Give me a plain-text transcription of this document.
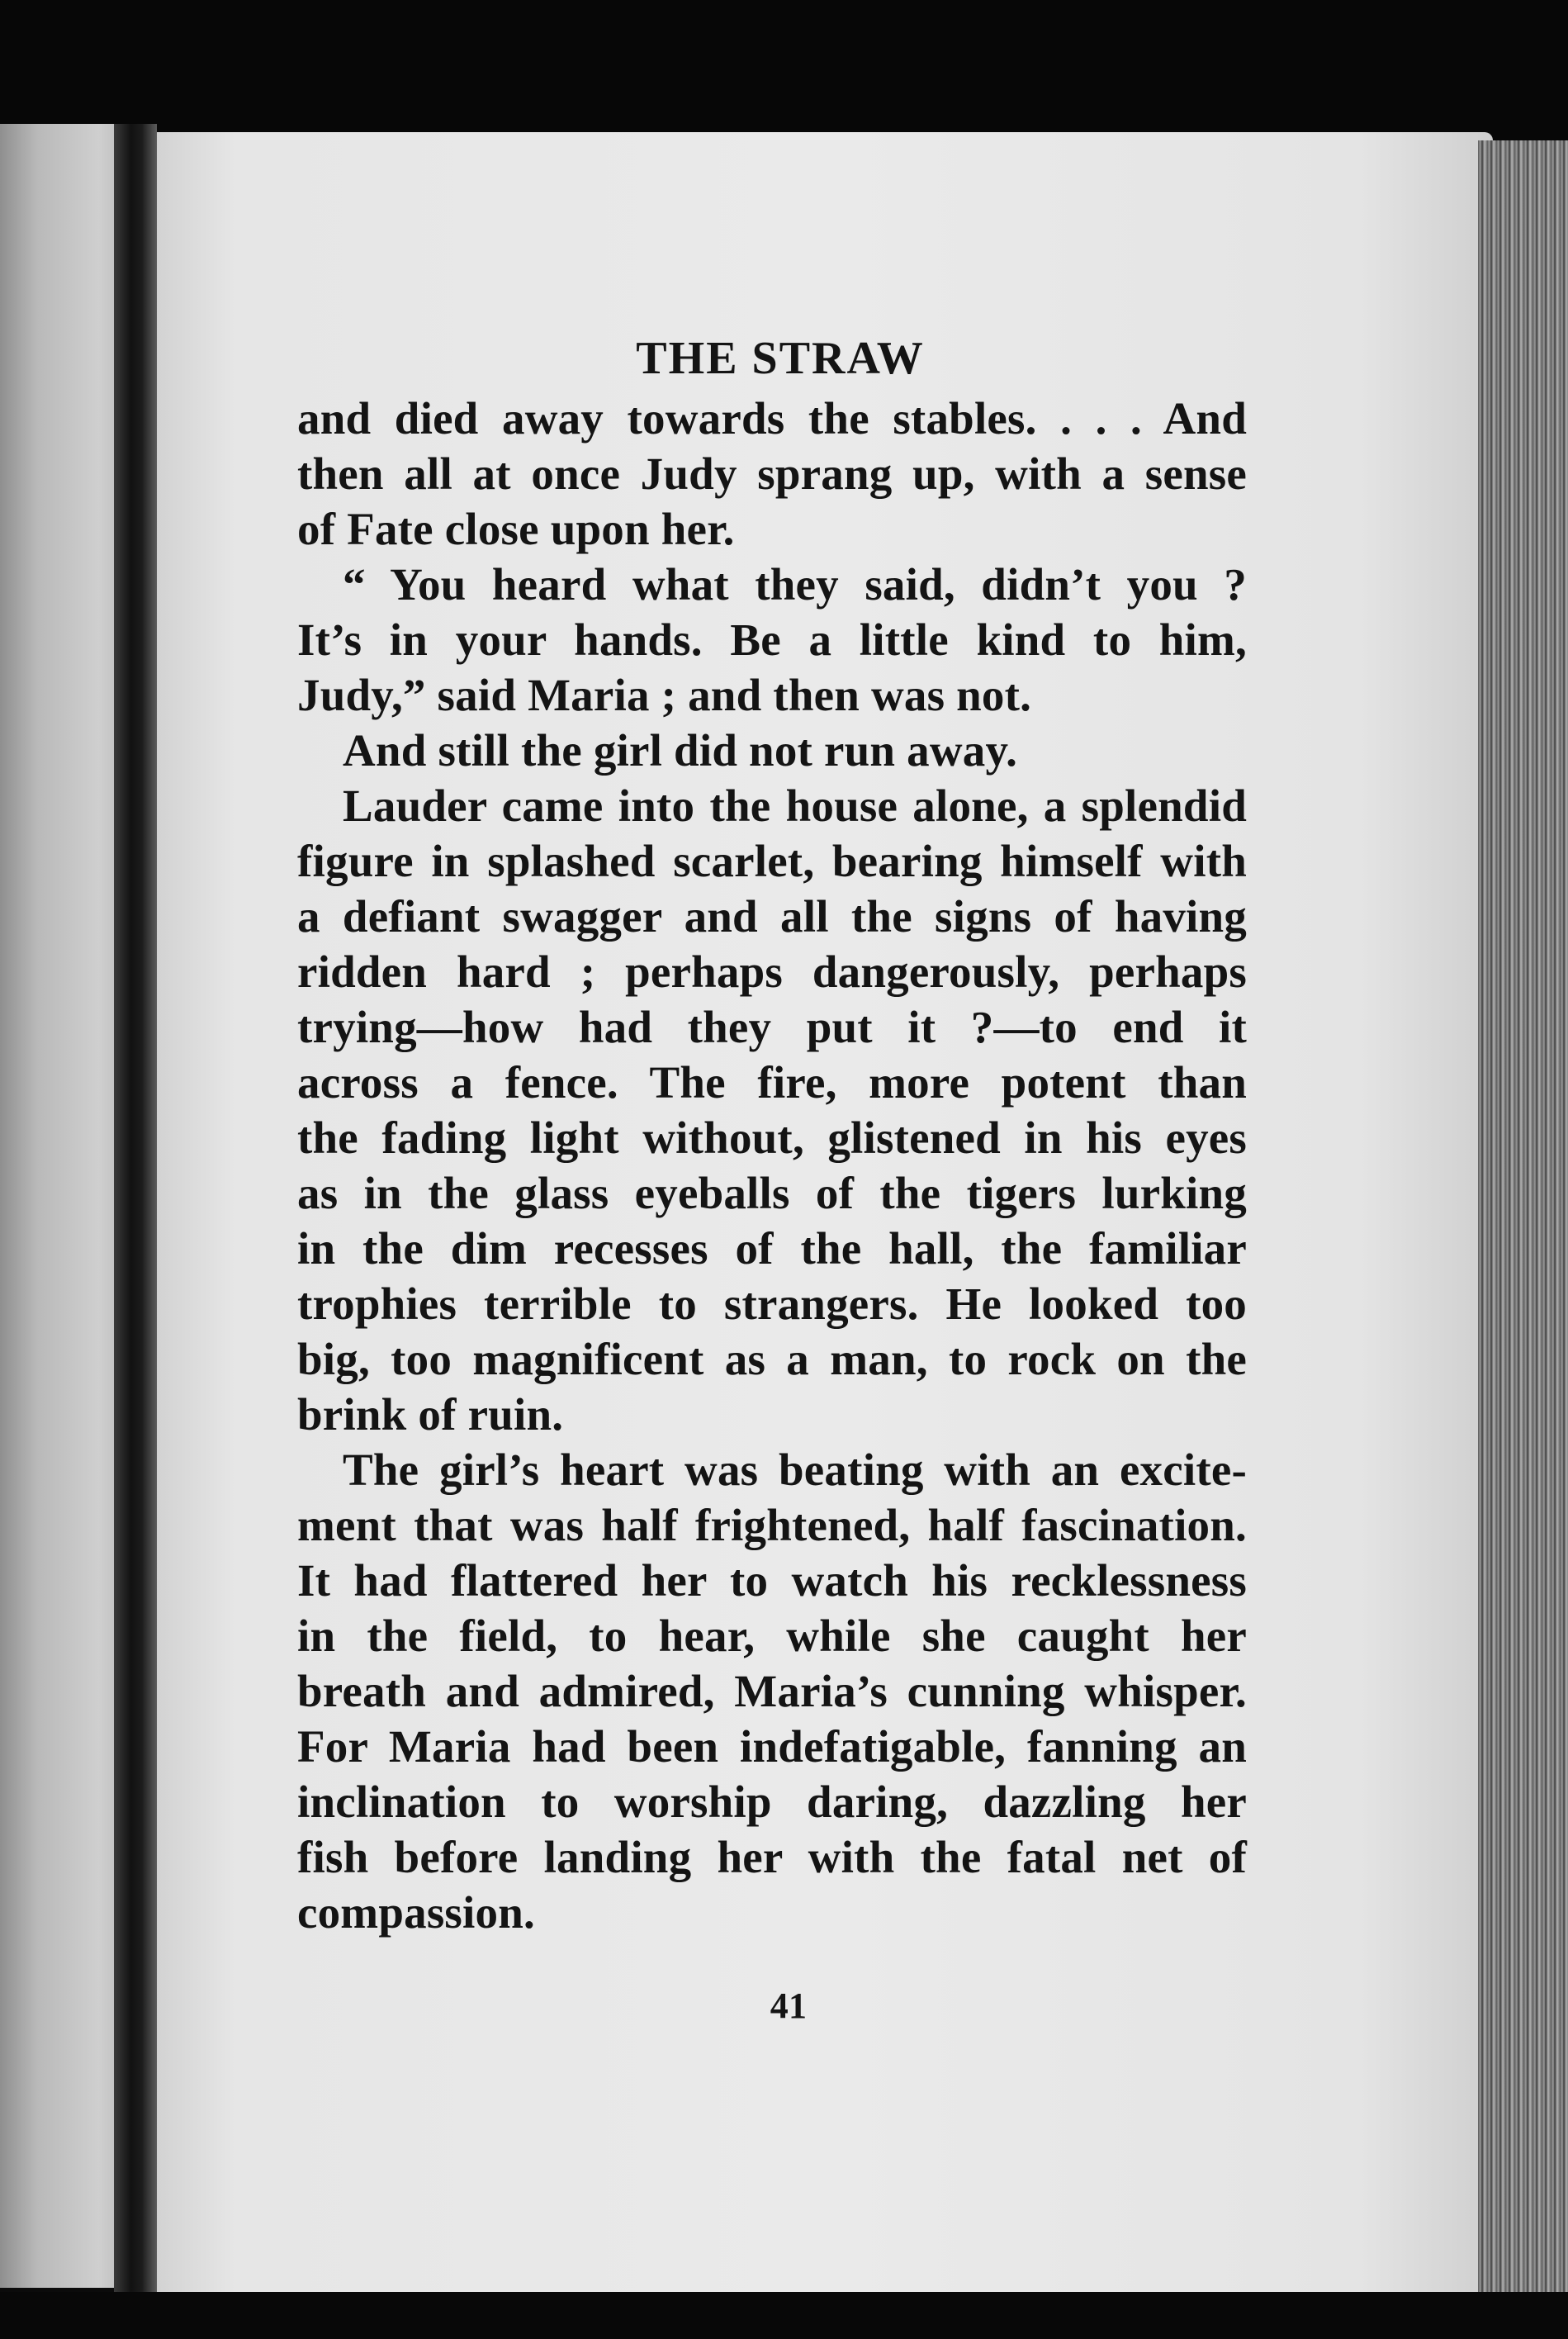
THE STRAW
and died away towards the stables. . . . And
then all at once Judy sprang up, with a sense
of Fate close upon her.
“ You heard what they said, didn’t you ?
It’s in your hands. Be a little kind to him,
Judy,” said Maria ; and then was not.
And still the girl did not run away.
Lauder came into the house alone, a splendid
figure in splashed scarlet, bearing himself with
a defiant swagger and all the signs of having
ridden hard ; perhaps dangerously, perhaps
trying—how had they put it ?—to end it
across a fence. The fire, more potent than
the fading light without, glistened in his eyes
as in the glass eyeballs of the tigers lurking
in the dim recesses of the hall, the familiar
trophies terrible to strangers. He looked too
big, too magnificent as a man, to rock on the
brink of ruin.
The girl’s heart was beating with an excite-
ment that was half frightened, half fascination.
It had flattered her to watch his recklessness
in the field, to hear, while she caught her
breath and admired, Maria’s cunning whisper.
For Maria had been indefatigable, fanning an
inclination to worship daring, dazzling her
fish before landing her with the fatal net of
compassion.
41
